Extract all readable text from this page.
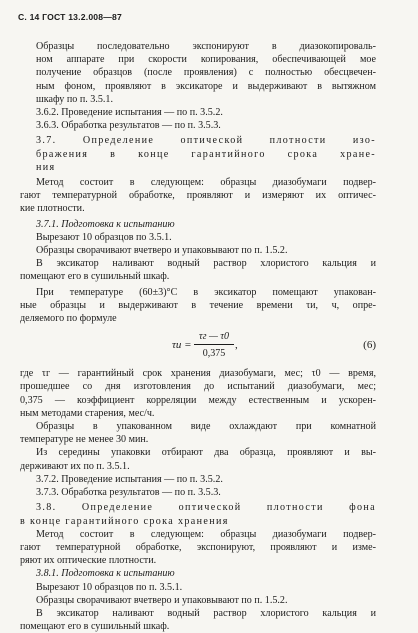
С. 14 ГОСТ 13.2.008—87

Образцы последовательно экспонируют в диазокопироваль-

ном аппарате при скорости копирования, обеспечивающей мое

получение образцов (после проявления) с полностью обесцвечен-

ным фоном, проявляют в эксикаторе и выдерживают в вытяжном

шкафу по п. 3.5.1.

3.6.2. Проведение испытания — по п. 3.5.2.

3.6.3. Обработка результатов — по п. 3.5.3.

3.7. Определение оптической плотности изо-

бражения в конце гарантийного срока хране-

ния

Метод состоит в следующем: образцы диазобумаги подвер-

гают температурной обработке, проявляют и измеряют их оптичес-

кие плотности.

3.7.1. Подготовка к испытанию

Вырезают 10 образцов по 3.5.1.

Образцы сворачивают вчетверо и упаковывают по п. 1.5.2.

В эксикатор наливают водный раствор хлористого кальция и

помещают его в сушильный шкаф.

При температуре (60±3)°С в эксикатор помещают упакован-

ные образцы и выдерживают в течение времени τи, ч, опре-

деляемого по формуле

τи =
τг — τ0
0,375
,	(6)

где τг — гарантийный срок хранения диазобумаги, мес; τ0 — время,

прошедшее со дня изготовления до испытаний диазобумаги, мес;

0,375 — коэффициент корреляции между естественным и ускорен-

ным методами старения, мес/ч.

Образцы в упакованном виде охлаждают при комнатной

температуре не менее 30 мин.

Из середины упаковки отбирают два образца, проявляют и вы-

держивают их по п. 3.5.1.

3.7.2. Проведение испытания — по п. 3.5.2.

3.7.3. Обработка результатов — по п. 3.5.3.

3.8. Определение оптической плотности фона

в конце гарантийного срока хранения

Метод состоит в следующем: образцы диазобумаги подвер-

гают температурной обработке, экспонируют, проявляют и изме-

ряют их оптические плотности.

3.8.1. Подготовка к испытанию

Вырезают 10 образцов по п. 3.5.1.

Образцы сворачивают вчетверо и упаковывают по п. 1.5.2.

В эксикатор наливают водный раствор хлористого кальция и

помещают его в сушильный шкаф.
